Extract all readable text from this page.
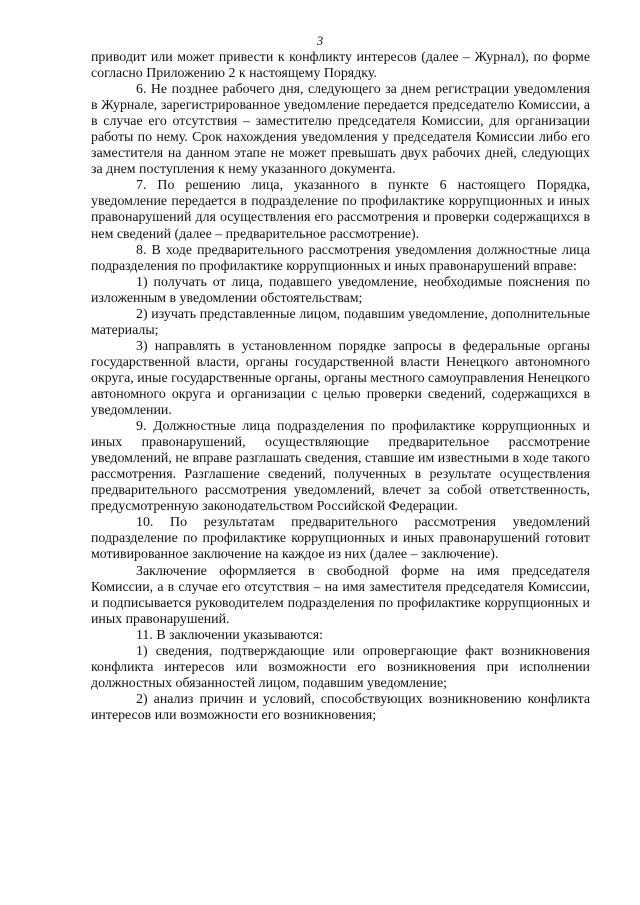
3

приводит или может привести к конфликту интересов (далее – Журнал), по форме согласно Приложению 2 к настоящему Порядку.

6. Не позднее рабочего дня, следующего за днем регистрации уведомления в Журнале, зарегистрированное уведомление передается председателю Комиссии, а в случае его отсутствия – заместителю председателя Комиссии, для организации работы по нему. Срок нахождения уведомления у председателя Комиссии либо его заместителя на данном этапе не может превышать двух рабочих дней, следующих за днем поступления к нему указанного документа.

7. По решению лица, указанного в пункте 6 настоящего Порядка, уведомление передается в подразделение по профилактике коррупционных и иных правонарушений для осуществления его рассмотрения и проверки содержащихся в нем сведений (далее – предварительное рассмотрение).

8. В ходе предварительного рассмотрения уведомления должностные лица подразделения по профилактике коррупционных и иных правонарушений вправе:

1) получать от лица, подавшего уведомление, необходимые пояснения по изложенным в уведомлении обстоятельствам;

2) изучать представленные лицом, подавшим уведомление, дополнительные материалы;

3) направлять в установленном порядке запросы в федеральные органы государственной власти, органы государственной власти Ненецкого автономного округа, иные государственные органы, органы местного самоуправления Ненецкого автономного округа и организации с целью проверки сведений, содержащихся в уведомлении.

9. Должностные лица подразделения по профилактике коррупционных и иных правонарушений, осуществляющие предварительное рассмотрение уведомлений, не вправе разглашать сведения, ставшие им известными в ходе такого рассмотрения. Разглашение сведений, полученных в результате осуществления предварительного рассмотрения уведомлений, влечет за собой ответственность, предусмотренную законодательством Российской Федерации.

10. По результатам предварительного рассмотрения уведомлений подразделение по профилактике коррупционных и иных правонарушений готовит мотивированное заключение на каждое из них (далее – заключение).

Заключение оформляется в свободной форме на имя председателя Комиссии, а в случае его отсутствия – на имя заместителя председателя Комиссии, и подписывается руководителем подразделения по профилактике коррупционных и иных правонарушений.

11. В заключении указываются:

1) сведения, подтверждающие или опровергающие факт возникновения конфликта интересов или возможности его возникновения при исполнении должностных обязанностей лицом, подавшим уведомление;

2) анализ причин и условий, способствующих возникновению конфликта интересов или возможности его возникновения;
